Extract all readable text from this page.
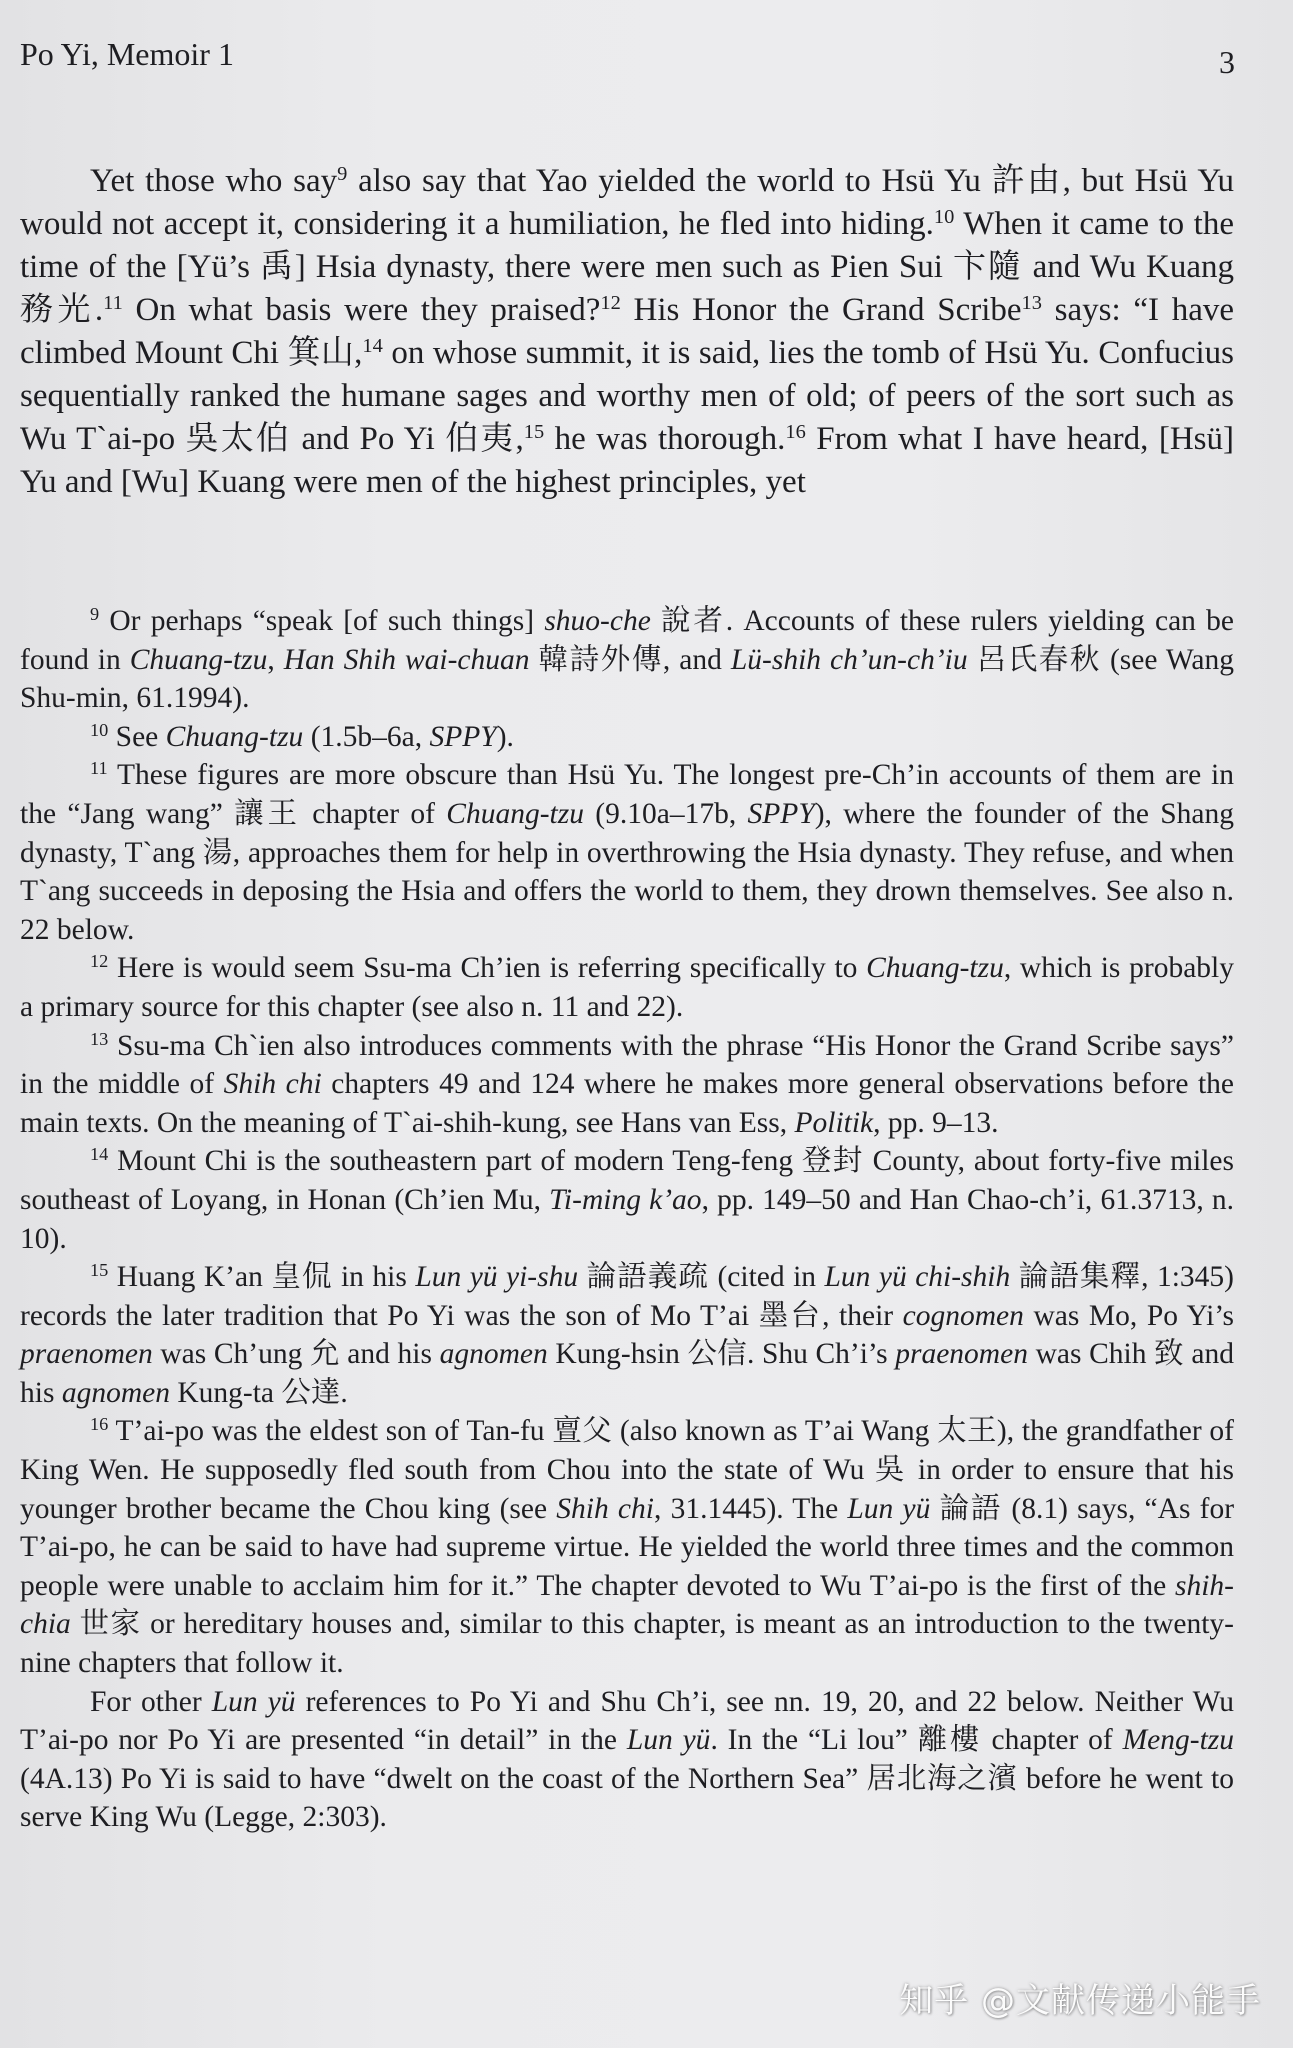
Po Yi, Memoir 1	3

Yet those who say$^9$ also say that Yao yielded the world to Hsü Yu 許由, but Hsü Yu would not accept it, considering it a humiliation, he fled into hiding.$^{10}$ When it came to the time of the [Yü’s 禹] Hsia dynasty, there were men such as Pien Sui 卞隨 and Wu Kuang 務光.$^{11}$ On what basis were they praised?$^{12}$ His Honor the Grand Scribe$^{13}$ says: “I have climbed Mount Chi 箕山,$^{14}$ on whose summit, it is said, lies the tomb of Hsü Yu. Confucius sequentially ranked the humane sages and worthy men of old; of peers of the sort such as Wu T`ai-po 吳太伯 and Po Yi 伯夷,$^{15}$ he was thorough.$^{16}$ From what I have heard, [Hsü] Yu and [Wu] Kuang were men of the highest principles, yet

$^9$ Or perhaps “speak [of such things] shuo-che 說者. Accounts of these rulers yielding can be found in Chuang-tzu, Han Shih wai-chuan 韓詩外傳, and Lü-shih ch’un-ch’iu 呂氏春秋 (see Wang Shu-min, 61.1994).

$^{10}$ See Chuang-tzu (1.5b–6a, SPPY).

$^{11}$ These figures are more obscure than Hsü Yu. The longest pre-Ch’in accounts of them are in the “Jang wang” 讓王 chapter of Chuang-tzu (9.10a–17b, SPPY), where the founder of the Shang dynasty, T`ang 湯, approaches them for help in overthrowing the Hsia dynasty. They refuse, and when T`ang succeeds in deposing the Hsia and offers the world to them, they drown themselves. See also n. 22 below.

$^{12}$ Here is would seem Ssu-ma Ch’ien is referring specifically to Chuang-tzu, which is probably a primary source for this chapter (see also n. 11 and 22).

$^{13}$ Ssu-ma Ch`ien also introduces comments with the phrase “His Honor the Grand Scribe says” in the middle of Shih chi chapters 49 and 124 where he makes more general observations before the main texts. On the meaning of T`ai-shih-kung, see Hans van Ess, Politik, pp. 9–13.

$^{14}$ Mount Chi is the southeastern part of modern Teng-feng 登封 County, about forty-five miles southeast of Loyang, in Honan (Ch’ien Mu, Ti-ming k’ao, pp. 149–50 and Han Chao-ch’i, 61.3713, n. 10).

$^{15}$ Huang K’an 皇侃 in his Lun yü yi-shu 論語義疏 (cited in Lun yü chi-shih 論語集釋, 1:345) records the later tradition that Po Yi was the son of Mo T’ai 墨台, their cognomen was Mo, Po Yi’s praenomen was Ch’ung 允 and his agnomen Kung-hsin 公信. Shu Ch’i’s praenomen was Chih 致 and his agnomen Kung-ta 公達.

$^{16}$ T’ai-po was the eldest son of Tan-fu 亶父 (also known as T’ai Wang 太王), the grandfather of King Wen. He supposedly fled south from Chou into the state of Wu 吳 in order to ensure that his younger brother became the Chou king (see Shih chi, 31.1445). The Lun yü 論語 (8.1) says, “As for T’ai-po, he can be said to have had supreme virtue. He yielded the world three times and the common people were unable to acclaim him for it.” The chapter devoted to Wu T’ai-po is the first of the shih-chia 世家 or hereditary houses and, similar to this chapter, is meant as an introduction to the twenty-nine chapters that follow it.

For other Lun yü references to Po Yi and Shu Ch’i, see nn. 19, 20, and 22 below. Neither Wu T’ai-po nor Po Yi are presented “in detail” in the Lun yü. In the “Li lou” 離樓 chapter of Meng-tzu (4A.13) Po Yi is said to have “dwelt on the coast of the Northern Sea” 居北海之濱 before he went to serve King Wu (Legge, 2:303).

知乎 @文献传递小能手
